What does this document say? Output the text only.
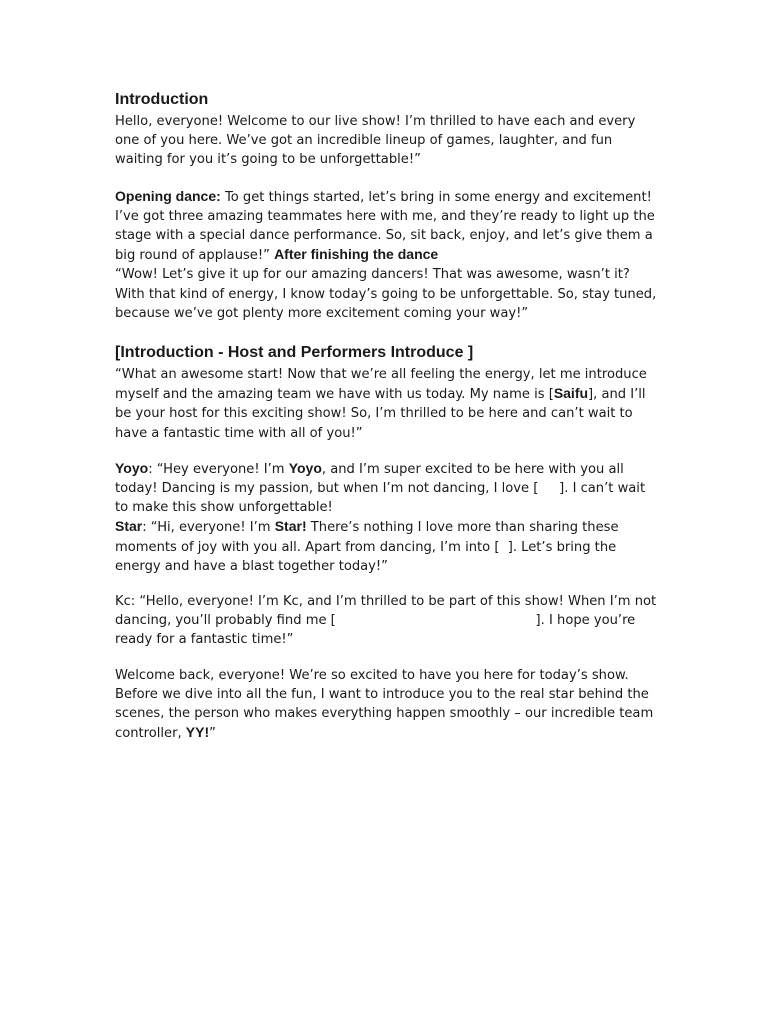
Introduction

Hello, everyone! Welcome to our live show! I’m thrilled to have each and every one of you here. We’ve got an incredible lineup of games, laughter, and fun waiting for you it’s going to be unforgettable!”

Opening dance: To get things started, let’s bring in some energy and excitement! I’ve got three amazing teammates here with me, and they’re ready to light up the stage with a special dance performance. So, sit back, enjoy, and let’s give them a big round of applause!” After finishing the dance

“Wow! Let’s give it up for our amazing dancers! That was awesome, wasn’t it? With that kind of energy, I know today’s going to be unforgettable. So, stay tuned, because we’ve got plenty more excitement coming your way!”

[Introduction - Host and Performers Introduce ]

“What an awesome start! Now that we’re all feeling the energy, let me introduce myself and the amazing team we have with us today. My name is [Saifu], and I’ll be your host for this exciting show! So, I’m thrilled to be here and can’t wait to have a fantastic time with all of you!”

Yoyo: “Hey everyone! I’m Yoyo, and I’m super excited to be here with you all today! Dancing is my passion, but when I’m not dancing, I love [     ]. I can’t wait to make this show unforgettable!

Star: “Hi, everyone! I’m Star! There’s nothing I love more than sharing these moments of joy with you all. Apart from dancing, I’m into [  ]. Let’s bring the energy and have a blast together today!”

Kc: “Hello, everyone! I’m Kc, and I’m thrilled to be part of this show! When I’m not dancing, you’ll probably find me [                                                ]. I hope you’re ready for a fantastic time!”

Welcome back, everyone! We’re so excited to have you here for today’s show. Before we dive into all the fun, I want to introduce you to the real star behind the scenes, the person who makes everything happen smoothly – our incredible team controller, YY!”
